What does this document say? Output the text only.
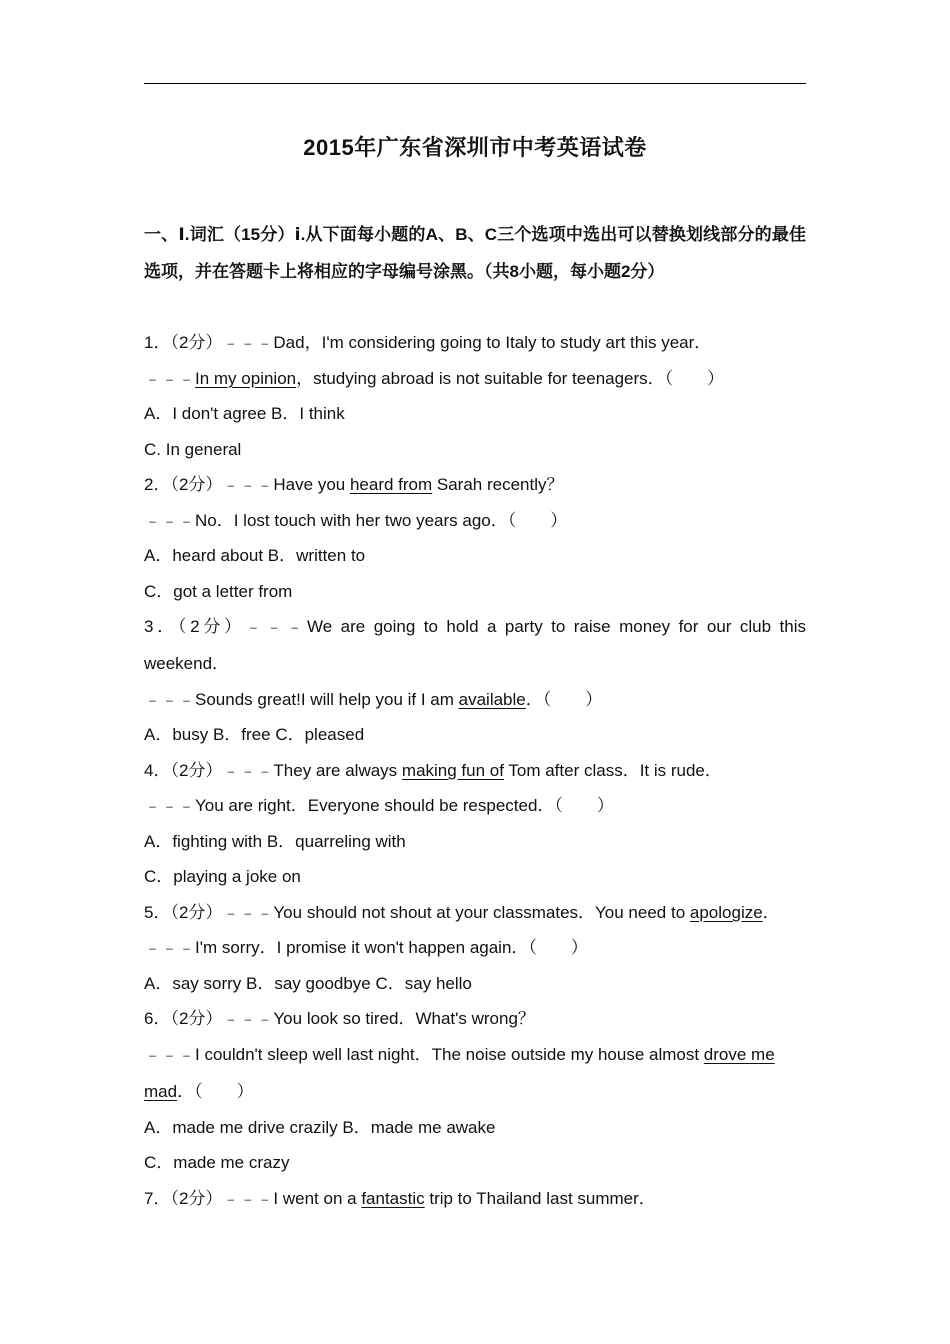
2015年广东省深圳市中考英语试卷
一、Ⅰ.词汇（15分）ⅰ.从下面每小题的A、B、C三个选项中选出可以替换划线部分的最佳选项，并在答题卡上将相应的字母编号涂黑。（共8小题，每小题2分）
1．（2分）﹣﹣﹣Dad，I'm considering going to Italy to study art this year．
﹣﹣﹣In my opinion，studying abroad is not suitable for teenagers．（　　）
A．I don't agree B．I think
C. In general
2．（2分）﹣﹣﹣Have you heard from Sarah recently？
﹣﹣﹣No．I lost touch with her two years ago．（　　）
A．heard about B．written to
C．got a letter from
3．（2分）﹣﹣﹣We are going to hold a party to raise money for our club this
weekend．
﹣﹣﹣Sounds great!I will help you if I am available．（　　）
A．busy B．free C．pleased
4．（2分）﹣﹣﹣They are always making fun of Tom after class．It is rude．
﹣﹣﹣You are right．Everyone should be respected．（　　）
A．fighting with B．quarreling with
C．playing a joke on
5．（2分）﹣﹣﹣You should not shout at your classmates．You need to apologize．
﹣﹣﹣I'm sorry．I promise it won't happen again．（　　）
A．say sorry B．say goodbye C．say hello
6．（2分）﹣﹣﹣You look so tired．What's wrong？
﹣﹣﹣I couldn't sleep well last night．The noise outside my house almost drove me
mad．（　　）
A．made me drive crazily B．made me awake
C．made me crazy
7．（2分）﹣﹣﹣I went on a fantastic trip to Thailand last summer．
